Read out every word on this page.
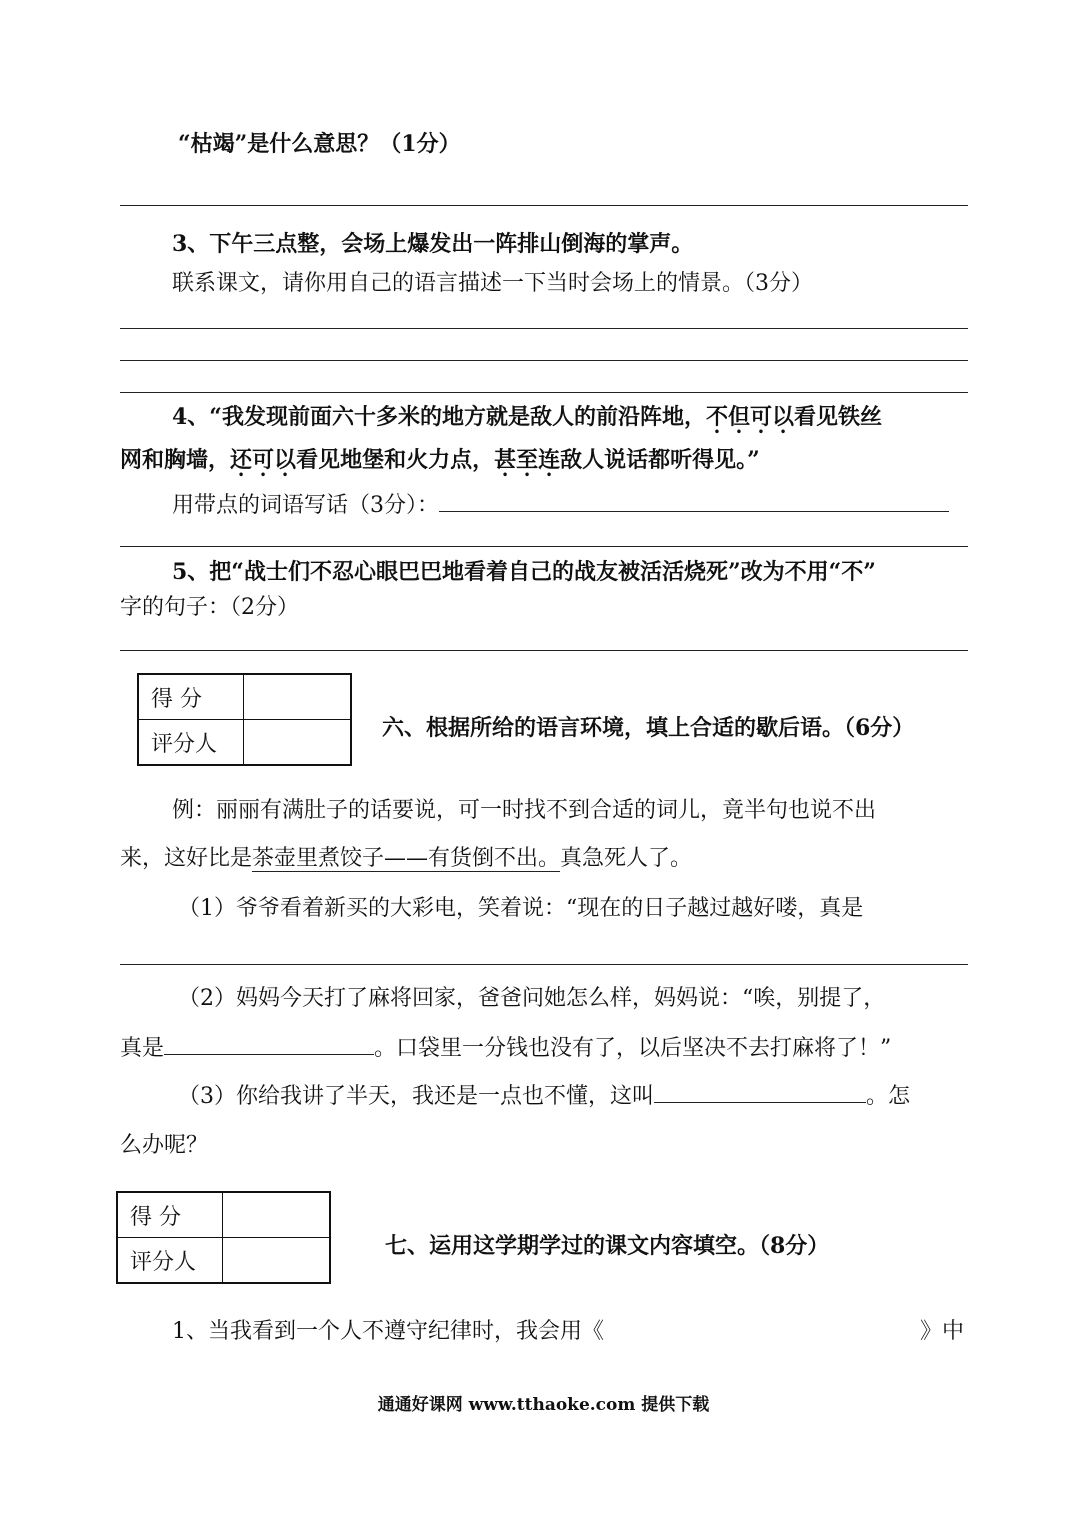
“枯竭”是什么意思？（1分）
3、下午三点整，会场上爆发出一阵排山倒海的掌声。
联系课文，请你用自己的语言描述一下当时会场上的情景。（3分）
4、“我发现前面六十多米的地方就是敌人的前沿阵地，不但可以看见铁丝
网和胸墙，还可以看见地堡和火力点，甚至连敌人说话都听得见。”
用带点的词语写话（3分）：
5、把“战士们不忍心眼巴巴地看着自己的战友被活活烧死”改为不用“不”
字的句子：（2分）
得 分	
评分人	
六、根据所给的语言环境，填上合适的歇后语。（6分）
例：丽丽有满肚子的话要说，可一时找不到合适的词儿，竟半句也说不出
来，这好比是茶壶里煮饺子——有货倒不出。真急死人了。
（1）爷爷看着新买的大彩电，笑着说：“现在的日子越过越好喽，真是
（2）妈妈今天打了麻将回家，爸爸问她怎么样，妈妈说：“唉，别提了，
真是	。口袋里一分钱也没有了，以后坚决不去打麻将了！”
（3）你给我讲了半天，我还是一点也不懂，这叫	。怎
么办呢？
得 分	
评分人	
七、运用这学期学过的课文内容填空。（8分）
1、当我看到一个人不遵守纪律时，我会用《	》中
通通好课网 www.tthaoke.com 提供下载
